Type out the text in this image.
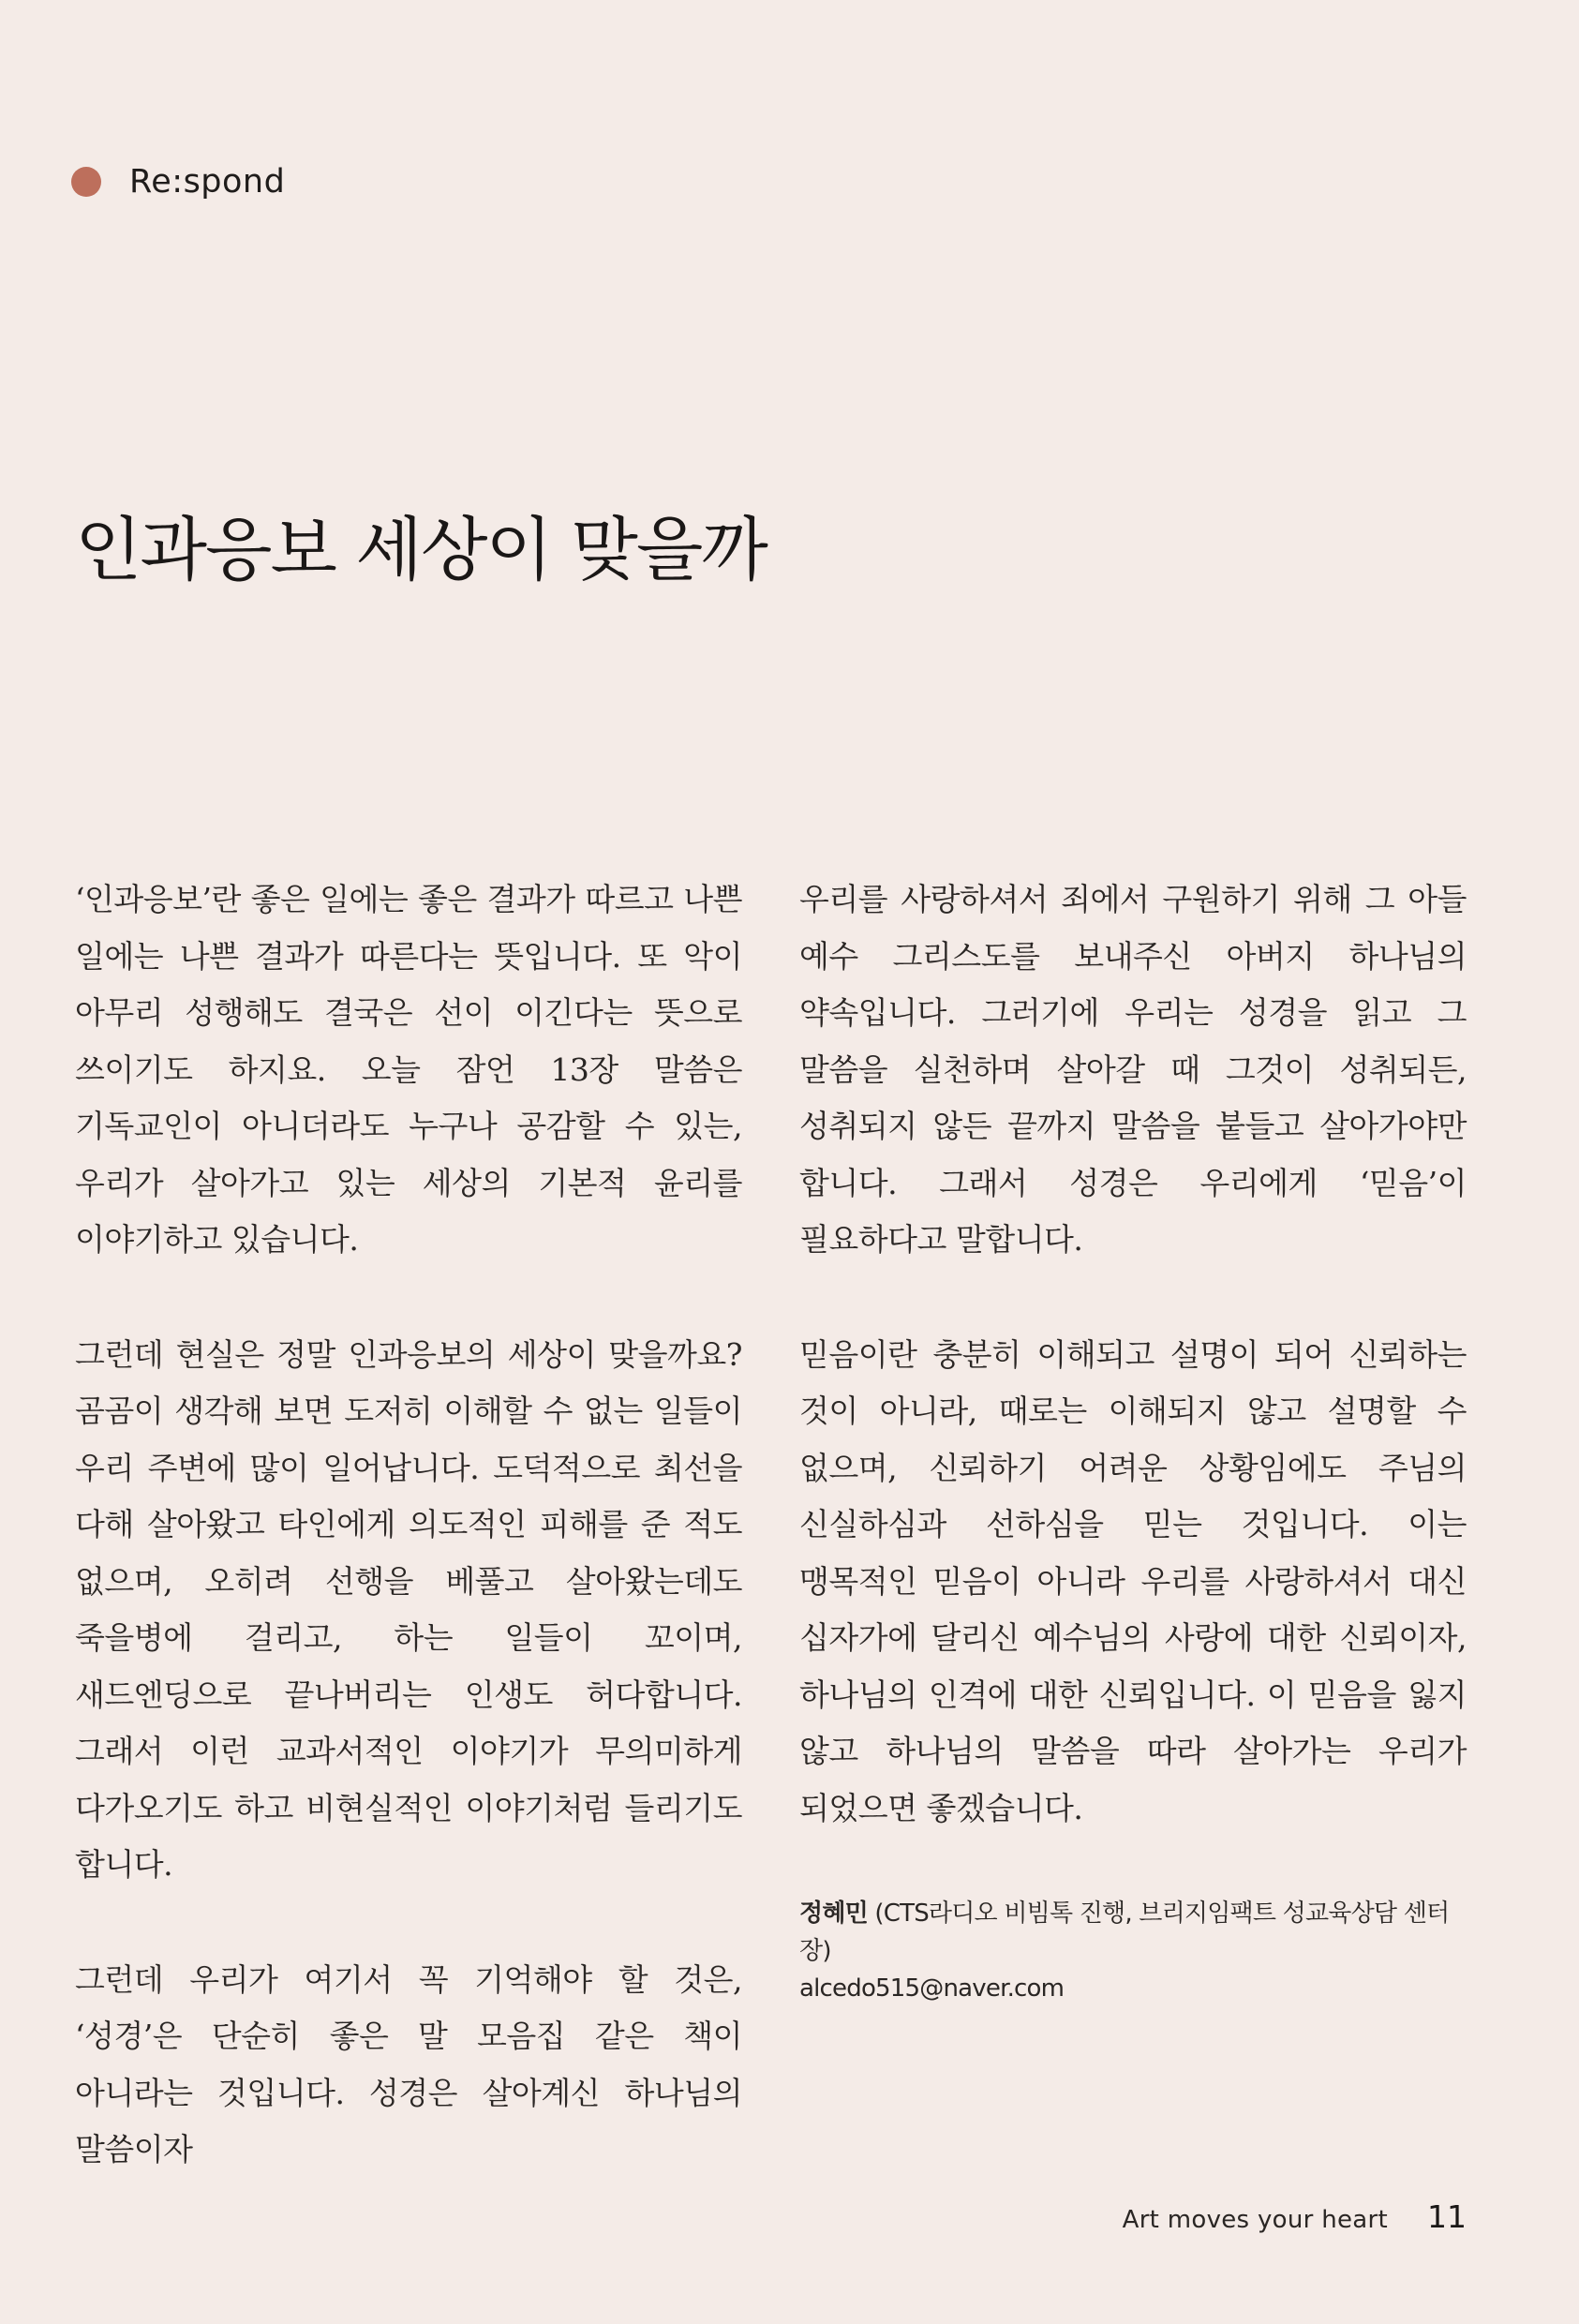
Re:spond
인과응보 세상이 맞을까

‘인과응보’란 좋은 일에는 좋은 결과가 따르고 나쁜 일에는 나쁜 결과가 따른다는 뜻입니다. 또 악이 아무리 성행해도 결국은 선이 이긴다는 뜻으로 쓰이기도 하지요. 오늘 잠언 13장 말씀은 기독교인이 아니더라도 누구나 공감할 수 있는, 우리가 살아가고 있는 세상의 기본적 윤리를 이야기하고 있습니다.

그런데 현실은 정말 인과응보의 세상이 맞을까요? 곰곰이 생각해 보면 도저히 이해할 수 없는 일들이 우리 주변에 많이 일어납니다. 도덕적으로 최선을 다해 살아왔고 타인에게 의도적인 피해를 준 적도 없으며, 오히려 선행을 베풀고 살아왔는데도 죽을병에 걸리고, 하는 일들이 꼬이며, 새드엔딩으로 끝나버리는 인생도 허다합니다. 그래서 이런 교과서적인 이야기가 무의미하게 다가오기도 하고 비현실적인 이야기처럼 들리기도 합니다.

그런데 우리가 여기서 꼭 기억해야 할 것은, ‘성경’은 단순히 좋은 말 모음집 같은 책이 아니라는 것입니다. 성경은 살아계신 하나님의 말씀이자

우리를 사랑하셔서 죄에서 구원하기 위해 그 아들 예수 그리스도를 보내주신 아버지 하나님의 약속입니다. 그러기에 우리는 성경을 읽고 그 말씀을 실천하며 살아갈 때 그것이 성취되든, 성취되지 않든 끝까지 말씀을 붙들고 살아가야만 합니다. 그래서 성경은 우리에게 ‘믿음’이 필요하다고 말합니다.

믿음이란 충분히 이해되고 설명이 되어 신뢰하는 것이 아니라, 때로는 이해되지 않고 설명할 수 없으며, 신뢰하기 어려운 상황임에도 주님의 신실하심과 선하심을 믿는 것입니다. 이는 맹목적인 믿음이 아니라 우리를 사랑하셔서 대신 십자가에 달리신 예수님의 사랑에 대한 신뢰이자, 하나님의 인격에 대한 신뢰입니다. 이 믿음을 잃지 않고 하나님의 말씀을 따라 살아가는 우리가 되었으면 좋겠습니다.

정혜민 (CTS라디오 비빔톡 진행, 브리지임팩트 성교육상담 센터장)
alcedo515@naver.com
Art moves your heart 11
